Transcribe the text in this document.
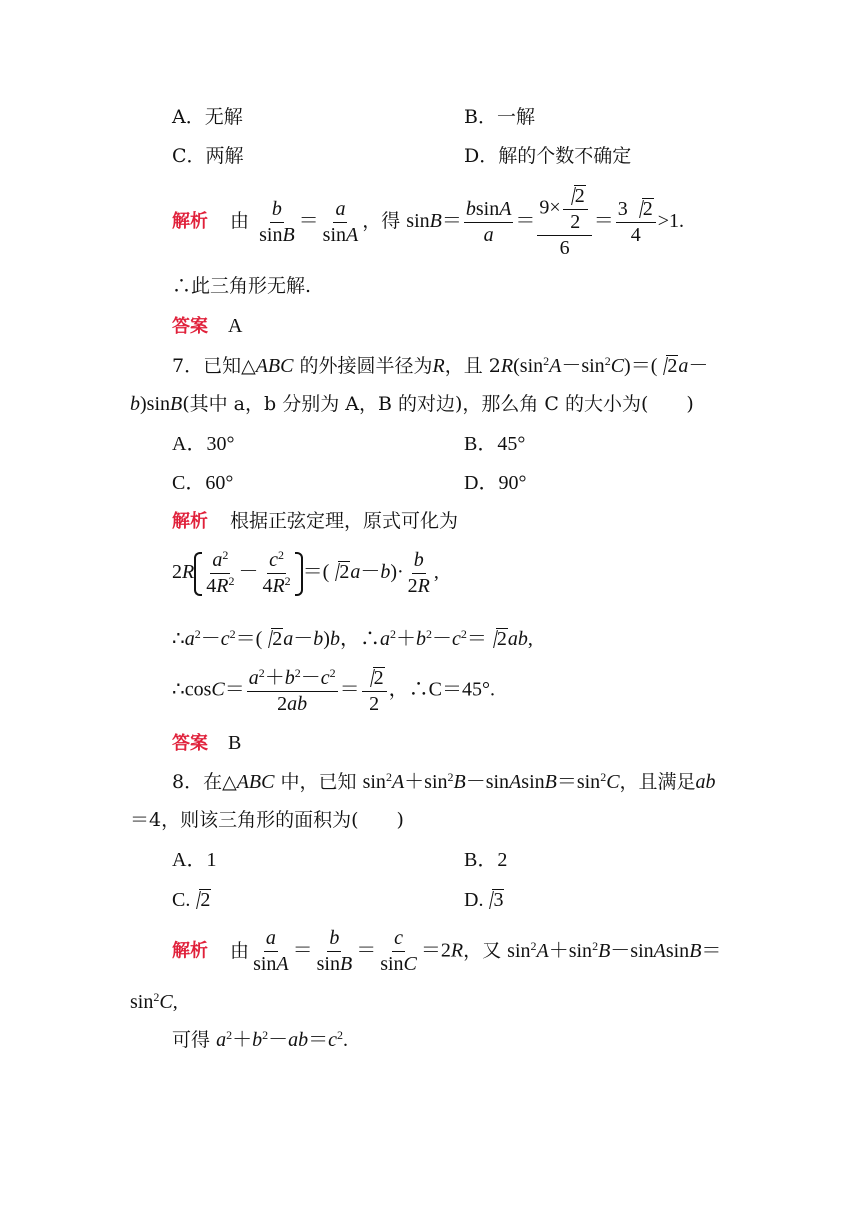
A．无解	B．一解
C．两解	D．解的个数不确定
解析 由 $\frac{b}{\sin B} = \frac{a}{\sin A}$ ，得 $\sin B= \frac{bsinA}{a} = \frac{9\times \frac{2}{2}}{6} = \frac{3 2}{4} >1$.
∴此三角形无解.
答案 A
7．已知△ABC 的外接圆半径为R，且 $2R(\sin^2A-\sin^2C)=$( 2a－
b)sinB(其中 a，b 分别为 A，B 的对边)，那么角 C 的大小为(　　)
A．30°	B．45°
C．60°	D．90°
解析 根据正弦定理，原式可化为
$2R \frac{a^2}{4R^2} - \frac{c^2}{4R^2}$ ＝( $2a-b)\cdot \frac{b}{2R}$ ,
$\therefore a^2-c^2=$( 2a－b)b，$\therefore a^2+b^2-c^2= 2ab$,
∴cosC＝ $\frac{a^2+b^2-c^2}{2ab} = \frac{2}{2}$ ，∴C＝45°.
答案 B
8．在△ABC 中，已知 $\sin^2A+\sin^2B-sinAsinB=\sin^2C$，且满足ab
＝4，则该三角形的面积为(　　)
A．1	B．2
C. 2	D. 3
解析 由 $\frac{a}{\sin A} = \frac{b}{\sin B} = \frac{c}{\sin C} =2R$，又 $\sin^2A+\sin^2B-sinAsinB=$
$\sin^2C$,
可得 $a^2+b^2-ab=c^2$.
